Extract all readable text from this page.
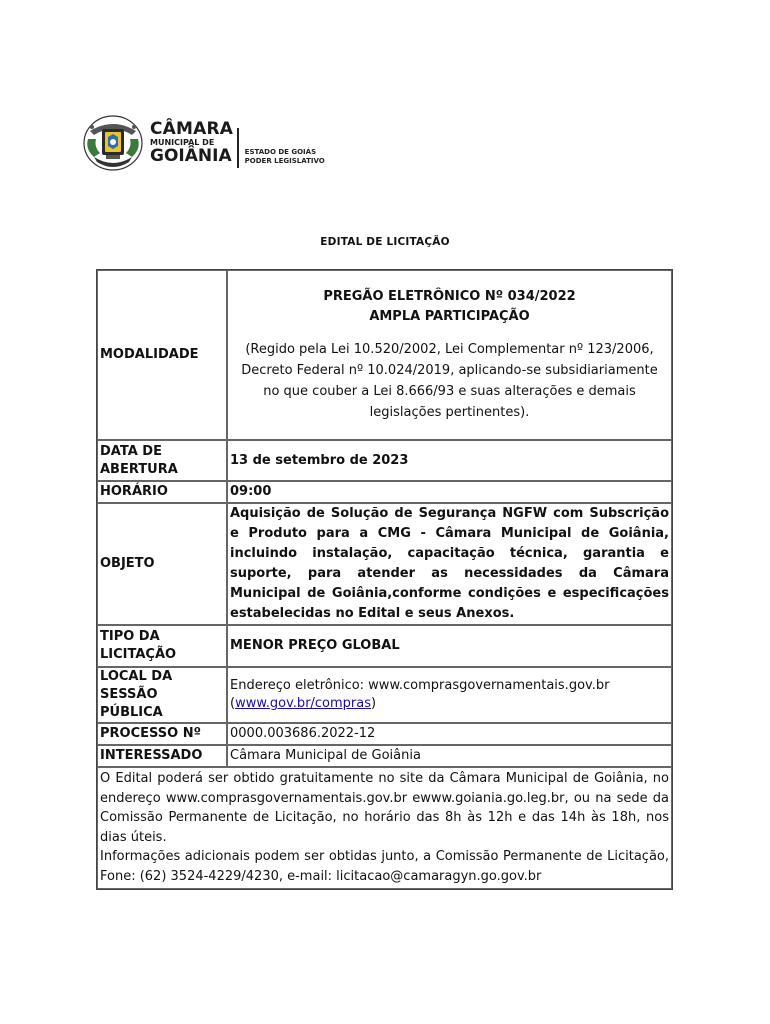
CÂMARA
MUNICIPAL DE
GOIÂNIA ESTADO DE GOIÁS
PODER LEGISLATIVO
EDITAL DE LICITAÇÃO
MODALIDADE	PREGÃO ELETRÔNICO Nº 034/2022
AMPLA PARTICIPAÇÃO
(Regido pela Lei 10.520/2002, Lei Complementar nº 123/2006, Decreto Federal nº 10.024/2019, aplicando-se subsidiariamente no que couber a Lei 8.666/93 e suas alterações e demais legislações pertinentes).

DATA DE ABERTURA	13 de setembro de 2023
HORÁRIO	09:00
OBJETO	Aquisição de Solução de Segurança NGFW com Subscrição e Produto para a CMG - Câmara Municipal de Goiânia, incluindo instalação, capacitação técnica, garantia e suporte, para atender as necessidades da Câmara Municipal de Goiânia,conforme condições e especificações estabelecidas no Edital e seus Anexos.
TIPO DA LICITAÇÃO	MENOR PREÇO GLOBAL
LOCAL DA SESSÃO PÚBLICA	Endereço eletrônico: www.comprasgovernamentais.gov.br (www.gov.br/compras)
PROCESSO Nº	0000.003686.2022-12
INTERESSADO	Câmara Municipal de Goiânia

O Edital poderá ser obtido gratuitamente no site da Câmara Municipal de Goiânia, no endereço www.comprasgovernamentais.gov.br ewww.goiania.go.leg.br, ou na sede da Comissão Permanente de Licitação, no horário das 8h às 12h e das 14h às 18h, nos dias úteis.
Informações adicionais podem ser obtidas junto, a Comissão Permanente de Licitação, Fone: (62) 3524-4229/4230, e-mail: licitacao@camaragyn.go.gov.br	
